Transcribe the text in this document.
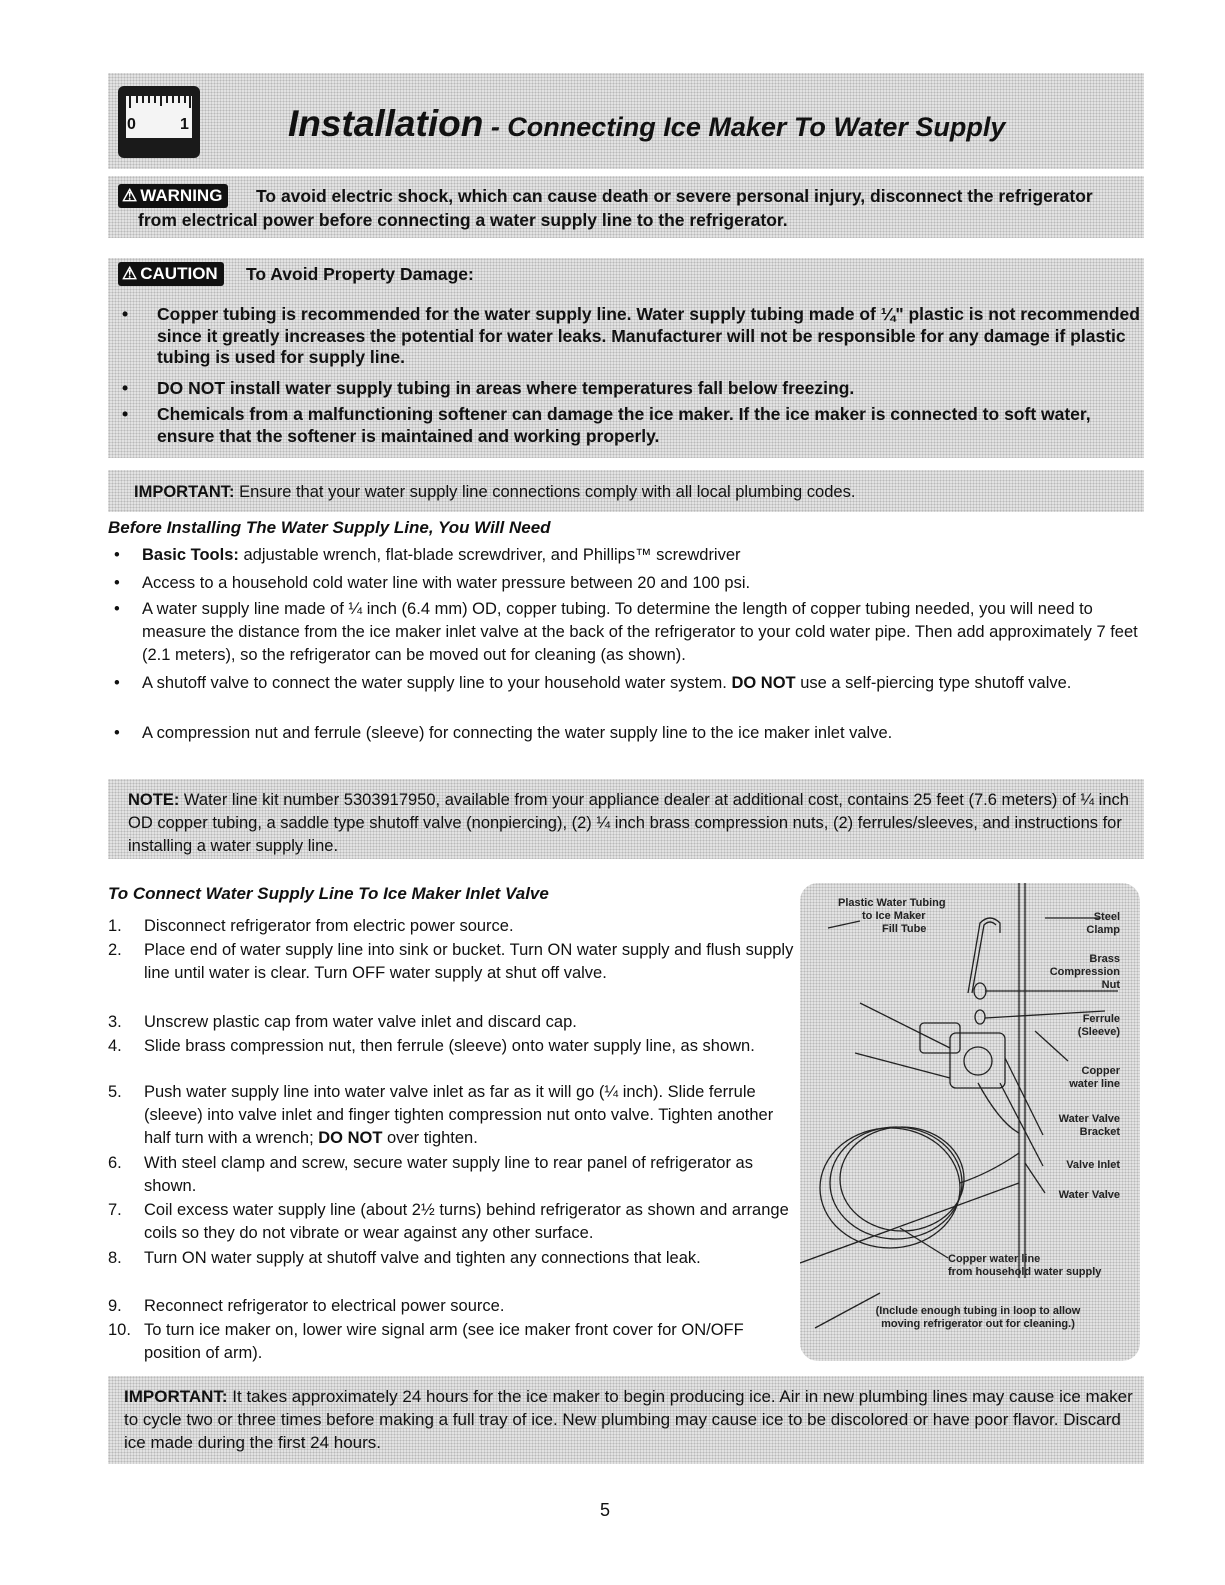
0	1	Installation - Connecting Ice Maker To Water Supply
⚠ WARNING	To avoid electric shock, which can cause death or severe personal injury, disconnect the refrigerator
from electrical power before connecting a water supply line to the refrigerator.
⚠ CAUTION	To Avoid Property Damage:
• Copper tubing is recommended for the water supply line. Water supply tubing made of ¼" plastic is not recommended since it greatly increases the potential for water leaks. Manufacturer will not be responsible for any damage if plastic tubing is used for supply line.
• DO NOT install water supply tubing in areas where temperatures fall below freezing.
• Chemicals from a malfunctioning softener can damage the ice maker. If the ice maker is connected to soft water, ensure that the softener is maintained and working properly.
IMPORTANT: Ensure that your water supply line connections comply with all local plumbing codes.
Before Installing The Water Supply Line, You Will Need
• Basic Tools: adjustable wrench, flat-blade screwdriver, and Phillips™ screwdriver
• Access to a household cold water line with water pressure between 20 and 100 psi.
• A water supply line made of ¼ inch (6.4 mm) OD, copper tubing. To determine the length of copper tubing needed, you will need to measure the distance from the ice maker inlet valve at the back of the refrigerator to your cold water pipe. Then add approximately 7 feet (2.1 meters), so the refrigerator can be moved out for cleaning (as shown).
• A shutoff valve to connect the water supply line to your household water system. DO NOT use a self-piercing type shutoff valve.
• A compression nut and ferrule (sleeve) for connecting the water supply line to the ice maker inlet valve.
NOTE: Water line kit number 5303917950, available from your appliance dealer at additional cost, contains 25 feet (7.6 meters) of ¼ inch OD copper tubing, a saddle type shutoff valve (nonpiercing), (2) ¼ inch brass compression nuts, (2) ferrules/sleeves, and instructions for installing a water supply line.
To Connect Water Supply Line To Ice Maker Inlet Valve
1.	Disconnect refrigerator from electric power source.
2.	Place end of water supply line into sink or bucket. Turn ON water supply and flush supply line until water is clear. Turn OFF water supply at shut off valve.
3.	Unscrew plastic cap from water valve inlet and discard cap.
4.	Slide brass compression nut, then ferrule (sleeve) onto water supply line, as shown.
5.	Push water supply line into water valve inlet as far as it will go (¼ inch). Slide ferrule (sleeve) into valve inlet and finger tighten compression nut onto valve. Tighten another half turn with a wrench; DO NOT over tighten.
6.	With steel clamp and screw, secure water supply line to rear panel of refrigerator as shown.
7.	Coil excess water supply line (about 2½ turns) behind refrigerator as shown and arrange coils so they do not vibrate or wear against any other surface.
8.	Turn ON water supply at shutoff valve and tighten any connections that leak.
9.	Reconnect refrigerator to electrical power source.
10. To turn ice maker on, lower wire signal arm (see ice maker front cover for ON/OFF position of arm).
Plastic Water Tubing
to Ice Maker
Fill Tube
Steel
Clamp
Brass
Compression
Nut
Ferrule
(Sleeve)
Copper
water line
Water Valve
Bracket
Valve Inlet
Water Valve
Copper water line
from household water supply
(Include enough tubing in loop to allow
moving refrigerator out for cleaning.)
IMPORTANT: It takes approximately 24 hours for the ice maker to begin producing ice. Air in new plumbing lines may cause ice maker to cycle two or three times before making a full tray of ice. New plumbing may cause ice to be discolored or have poor flavor. Discard ice made during the first 24 hours.
5
